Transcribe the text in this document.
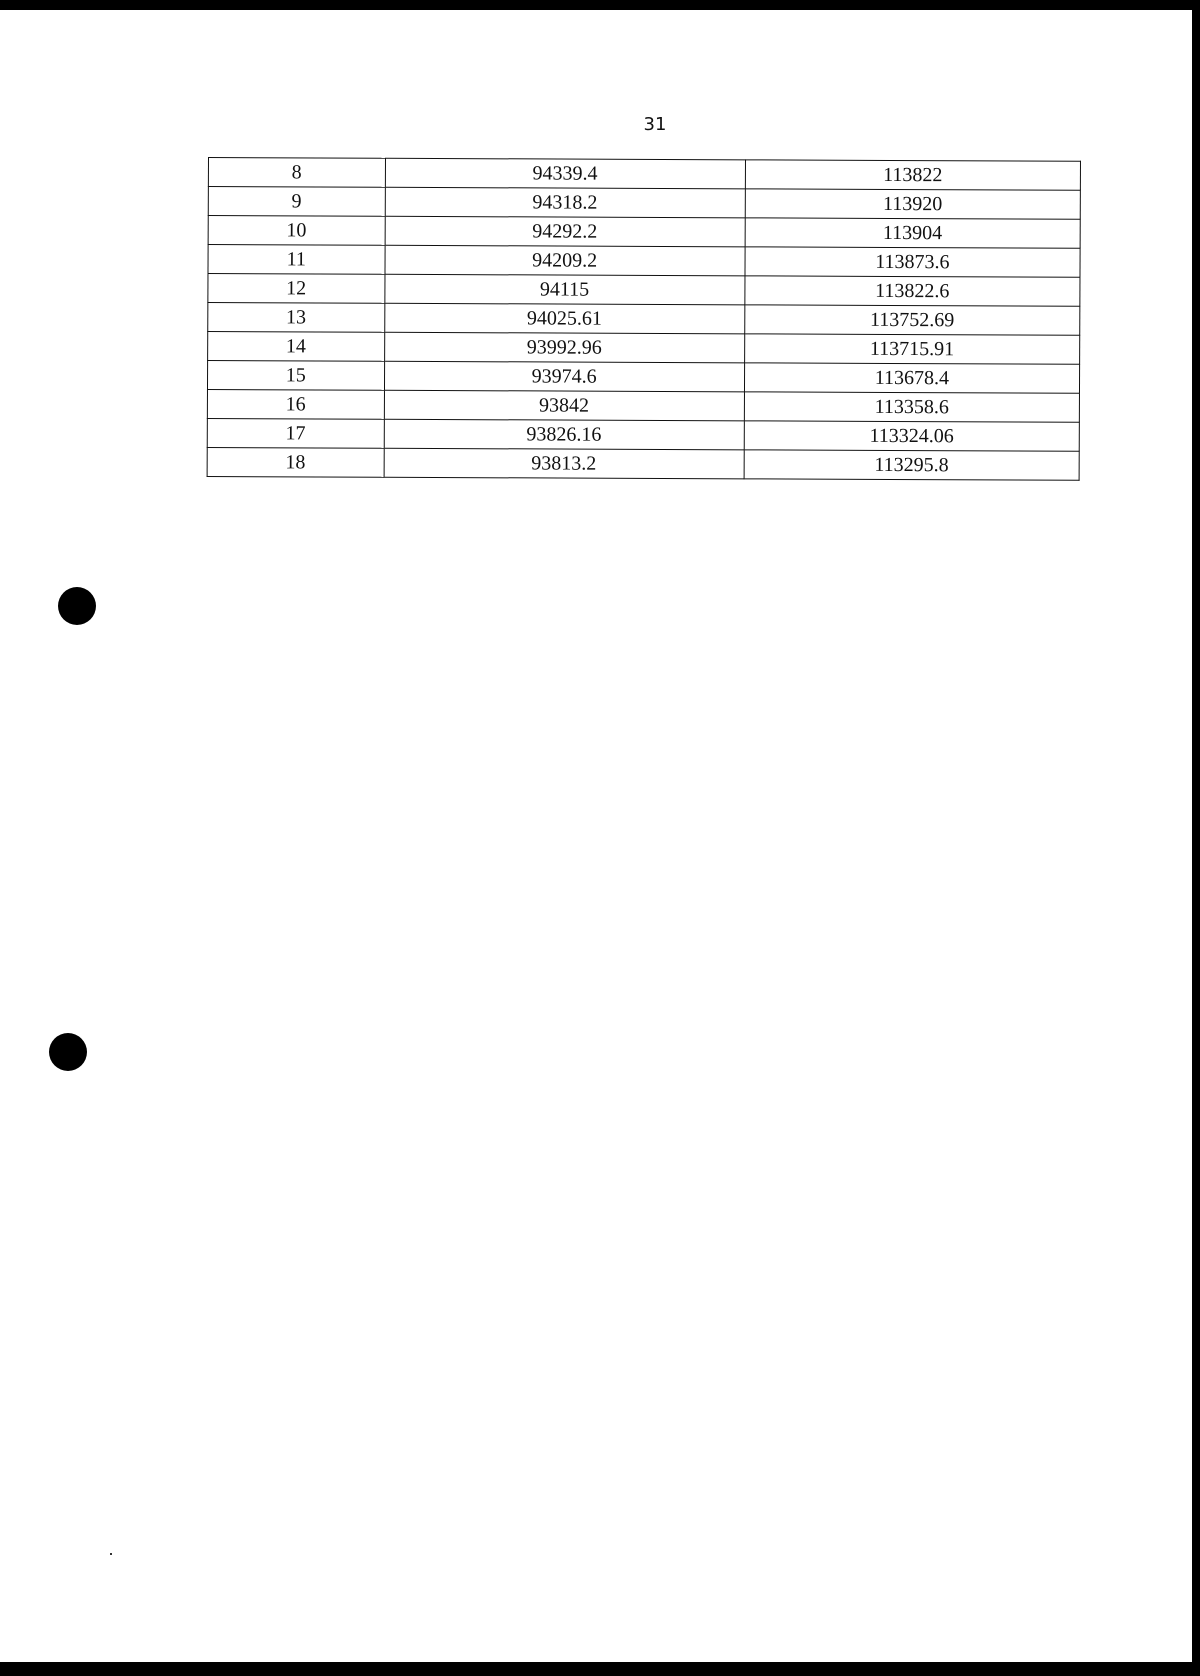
31
8	94339.4	113822
9	94318.2	113920
10	94292.2	113904
11	94209.2	113873.6
12	94115	113822.6
13	94025.61	113752.69
14	93992.96	113715.91
15	93974.6	113678.4
16	93842	113358.6
17	93826.16	113324.06
18	93813.2	113295.8
